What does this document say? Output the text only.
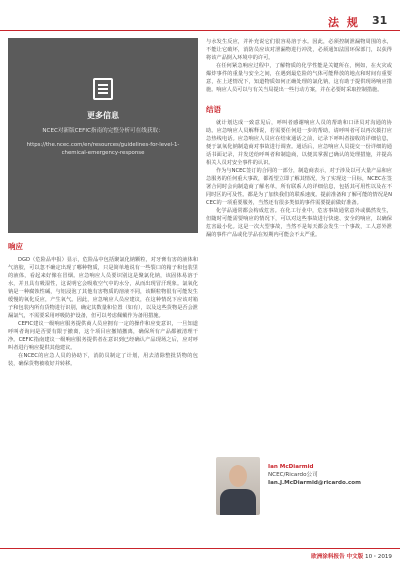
法 规 31
更多信息
NCEC对新版CEFIC指南的完整分析可在线获取：
https://the.ncec.com/en/resources/guidelines-for-level-1-chemical-emergency-response
响应

DGD（危险品申报）显示，危险品中包括聚氯化钠颗粒，对牙膏有害的液体和气溶胶，可以忽不确定出现了哪种物质，只是简单地说有一些裂口的箱子和包装里的液体，看起来好像在冒烟。应急响应人员要识别这是聚氯化钠，该固体易溶于水，并且具有吸湿性，这说明它会吸收空气中的水分，从而出现冒汗现象。氯氧化钠是一种腐蚀性碱，与铝浸泡了其他有害物质的溶液不同，该颗粒物很有可能发生缓慢的氧化反应，产生氧气。因此，应急响应人员应建议，在这种情况下应该对箱子和包装内所有货物进行识别，确定其数量和位置（如有），以及这些货物是否会泄漏氯气，不需要采用呼吸防护设备，但可以考虑佩戴作为备用措施。

CEFIC建议一级响应服务提供商人员应拥有一定的操作和应变意识，一旦知道呼叫者询问是否要有限于撤离，这个项目应撤销撤离，确保所有产品都被清理干净。CEFIC指南建议一级响应服务提供者在意识到已经确认产品现场之后，应对呼叫者进行响应提供其他建议。

在NCEC的应急人员的协助下，消防员制定了计划，用去清除整批货物的包装，确保货物被收好并转移。

与水发生反应，并补充说它们很容易溶于水。因此，必须控制泄漏物周围的水，不能让它破坏，消防员应该对泄漏物进行冲洗，必须通知法国环保部门，以获得将该产品倒入环境中的许可。

在任何紧急响应过程中，了解物质的化学性能是关键所在，例如，在火灾或爆炸事件的重量与安全之间，在遇到最危险的气体可能释放的地点和时间有重要意，在上述情况下，知道物质如何正确处理的氯化钠，这有助于提供现场响应措施。响应人员可以与有关当局提出一些行动方案，并在必要时采取控制措施。

结语

就计划达成一致意见后，呼叫者感谢响应人员的帮助和口译员对沟通的协助。应急响应人员解释说，若需要任何进一步的帮助，请呼叫者可以再次拨打应急热线电话。应急响应人员应在结束通话之前，记录下呼叫者接收的详细信息，便于氯氧化钠制造商对事故进行调查。通话后，应急响应人员提交一份详细的通话书面记录，并发送给呼叫者和制造商，以便其掌握已确认的处理措施，并提高相关人员对安全事件的认识。

作为与NCEC签订的合同的一部分，制造商表示，对于涉及以可大量产品和应急服务的任何重大事故，都希望立即了解其情况，为了实现这一目标，NCEC在签署合同时会向制造商了解名单，所有联系人的详细信息，包括其可用性以及在不同时区的可及性。都是为了加快我们的联系速度。提前准备和了解可能的情况是NCEC的一项重要服务，当然还有很多类似的事件需要提前做好准备。

化学品通常都会构成危害。在化工行业中，危害事故通常意外或偶然发生，但随时可能需要响应的情况下，可以对这些事故进行快速、安全的响应，以确保危害最小化。这是一次大型事故，当然不是每天都会发生一个事故，工人意外泄漏的事件产品或化学品在短期内可能会不太严重。

Ian McDiarmid
NCEC/Ricardo公司
Ian.J.McDiarmid@ricardo.com
欧洲涂料报告 中文版 10・2019
